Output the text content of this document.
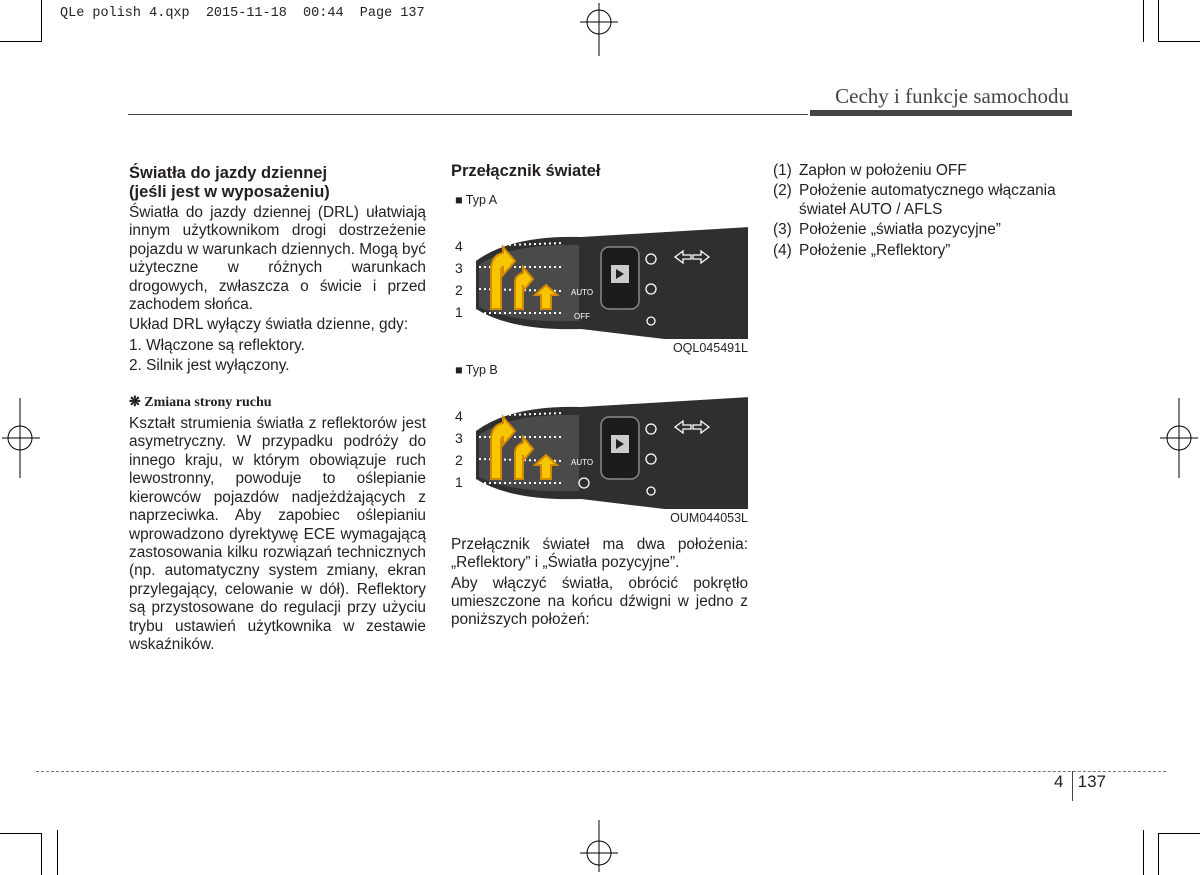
QLe polish 4.qxp 2015-11-18 00:44 Page 137
Cechy i funkcje samochodu
Światła do jazdy dziennej
(jeśli jest w wyposażeniu)

Światła do jazdy dziennej (DRL) ułatwiają innym użytkownikom drogi dostrzeżenie pojazdu w warunkach dziennych. Mogą być użyteczne w różnych warunkach drogowych, zwłaszcza o świcie i przed zachodem słońca.

Układ DRL wyłączy światła dzienne, gdy:

1. Włączone są reflektory.

2. Silnik jest wyłączony.

❋ Zmiana strony ruchu

Kształt strumienia światła z reflektorów jest asymetryczny. W przypadku podróży do innego kraju, w którym obowiązuje ruch lewostronny, powoduje to oślepianie kierowców pojazdów nadjeżdżających z naprzeciwka. Aby zapobiec oślepianiu wprowadzono dyrektywę ECE wymagającą zastosowania kilku rozwiązań technicznych (np. automatyczny system zmiany, ekran przylegający, celowanie w dół). Reflektory są przystosowane do regulacji przy użyciu trybu ustawień użytkownika w zestawie wskaźników.

Przełącznik świateł
■ Typ A
AUTO
OFF
4
3
2
1
OQL045491L
■ Typ B
AUTO
4
3
2
1
OUM044053L

Przełącznik świateł ma dwa położenia: „Reflektory” i „Światła pozycyjne”.

Aby włączyć światła, obrócić pokrętło umieszczone na końcu dźwigni w jedno z poniższych położeń:

(1) Zapłon w położeniu OFF
(2) Położenie automatycznego włączania świateł AUTO / AFLS
(3) Położenie „światła pozycyjne”
(4) Położenie „Reflektory”
4 137
